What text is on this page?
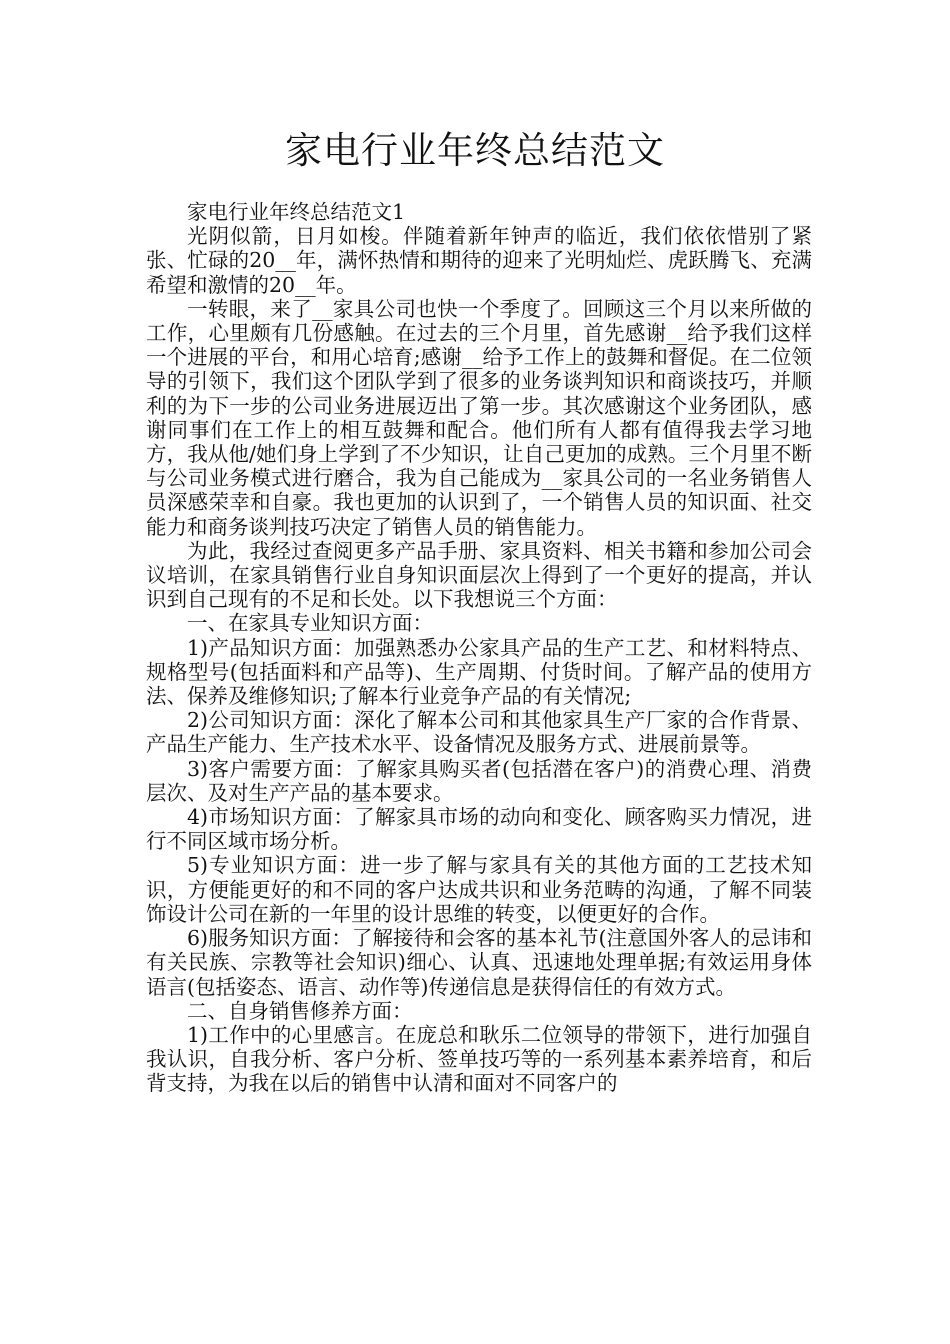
家电行业年终总结范文

家电行业年终总结范文1

光阴似箭，日月如梭。伴随着新年钟声的临近，我们依依惜别了紧张、忙碌的20__年，满怀热情和期待的迎来了光明灿烂、虎跃腾飞、充满希望和激情的20__年。

一转眼，来了__家具公司也快一个季度了。回顾这三个月以来所做的工作，心里颇有几份感触。在过去的三个月里，首先感谢__给予我们这样一个进展的平台，和用心培育;感谢__给予工作上的鼓舞和督促。在二位领导的引领下，我们这个团队学到了很多的业务谈判知识和商谈技巧，并顺利的为下一步的公司业务进展迈出了第一步。其次感谢这个业务团队，感谢同事们在工作上的相互鼓舞和配合。他们所有人都有值得我去学习地方，我从他/她们身上学到了不少知识，让自己更加的成熟。三个月里不断与公司业务模式进行磨合，我为自己能成为__家具公司的一名业务销售人员深感荣幸和自豪。我也更加的认识到了，一个销售人员的知识面、社交能力和商务谈判技巧决定了销售人员的销售能力。

为此，我经过查阅更多产品手册、家具资料、相关书籍和参加公司会议培训，在家具销售行业自身知识面层次上得到了一个更好的提高，并认识到自己现有的不足和长处。以下我想说三个方面：

一、在家具专业知识方面：

1)产品知识方面：加强熟悉办公家具产品的生产工艺、和材料特点、规格型号(包括面料和产品等)、生产周期、付货时间。了解产品的使用方法、保养及维修知识;了解本行业竞争产品的有关情况;

2)公司知识方面：深化了解本公司和其他家具生产厂家的合作背景、产品生产能力、生产技术水平、设备情况及服务方式、进展前景等。

3)客户需要方面：了解家具购买者(包括潜在客户)的消费心理、消费层次、及对生产产品的基本要求。

4)市场知识方面：了解家具市场的动向和变化、顾客购买力情况，进行不同区域市场分析。

5)专业知识方面：进一步了解与家具有关的其他方面的工艺技术知识，方便能更好的和不同的客户达成共识和业务范畴的沟通，了解不同装饰设计公司在新的一年里的设计思维的转变，以便更好的合作。

6)服务知识方面：了解接待和会客的基本礼节(注意国外客人的忌讳和有关民族、宗教等社会知识)细心、认真、迅速地处理单据;有效运用身体语言(包括姿态、语言、动作等)传递信息是获得信任的有效方式。

二、自身销售修养方面：

1)工作中的心里感言。在庞总和耿乐二位领导的带领下，进行加强自我认识，自我分析、客户分析、签单技巧等的一系列基本素养培育，和后背支持，为我在以后的销售中认清和面对不同客户的
